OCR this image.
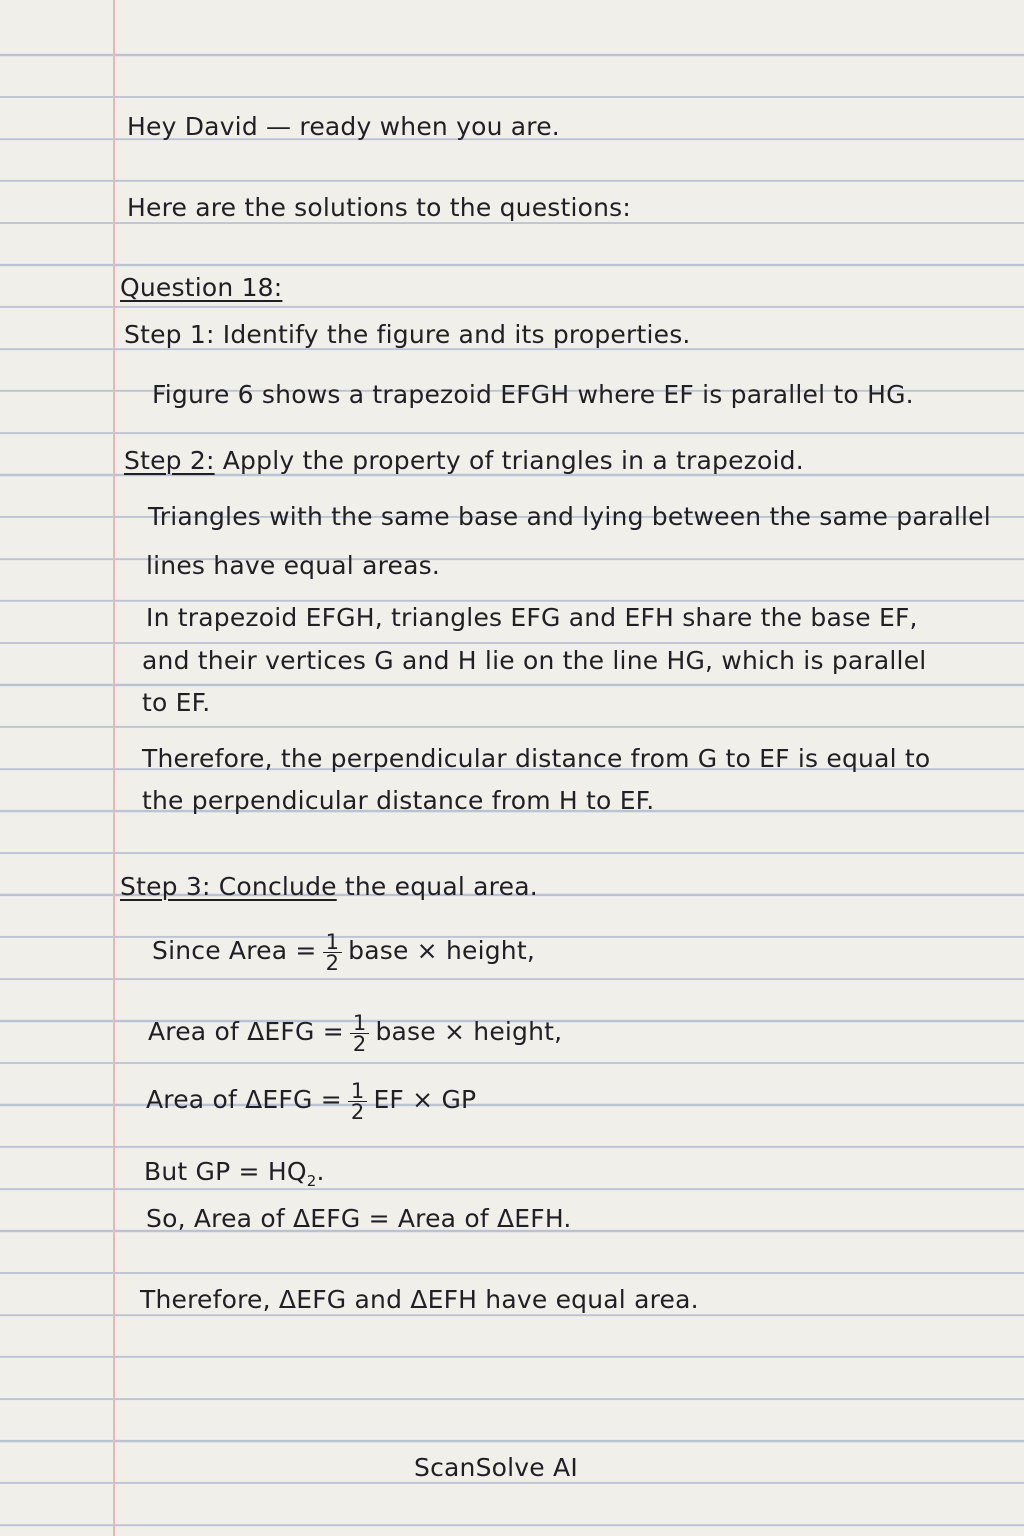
Hey David — ready when you are.
Here are the solutions to the questions:
Question 18:
Step 1: Identify the figure and its properties.
Figure 6 shows a trapezoid EFGH where EF is parallel to HG.
Step 2: Apply the property of triangles in a trapezoid.
Triangles with the same base and lying between the same parallel
lines have equal areas.
In trapezoid EFGH, triangles EFG and EFH share the base EF,
and their vertices G and H lie on the line HG, which is parallel
to EF.
Therefore, the perpendicular distance from G to EF is equal to
the perpendicular distance from H to EF.
Step 3: Conclude the equal area.
Since Area = $\frac{1}{2}$ base × height,
Area of $\Delta EFG = \frac{1}{2}$ base × height,
Area of $\Delta EFG = \frac{1}{2}$ EF × GP
But GP = $HQ_2$.
So, Area of ΔEFG = Area of ΔEFH.
Therefore, ΔEFG and ΔEFH have equal area.
ScanSolve AI
